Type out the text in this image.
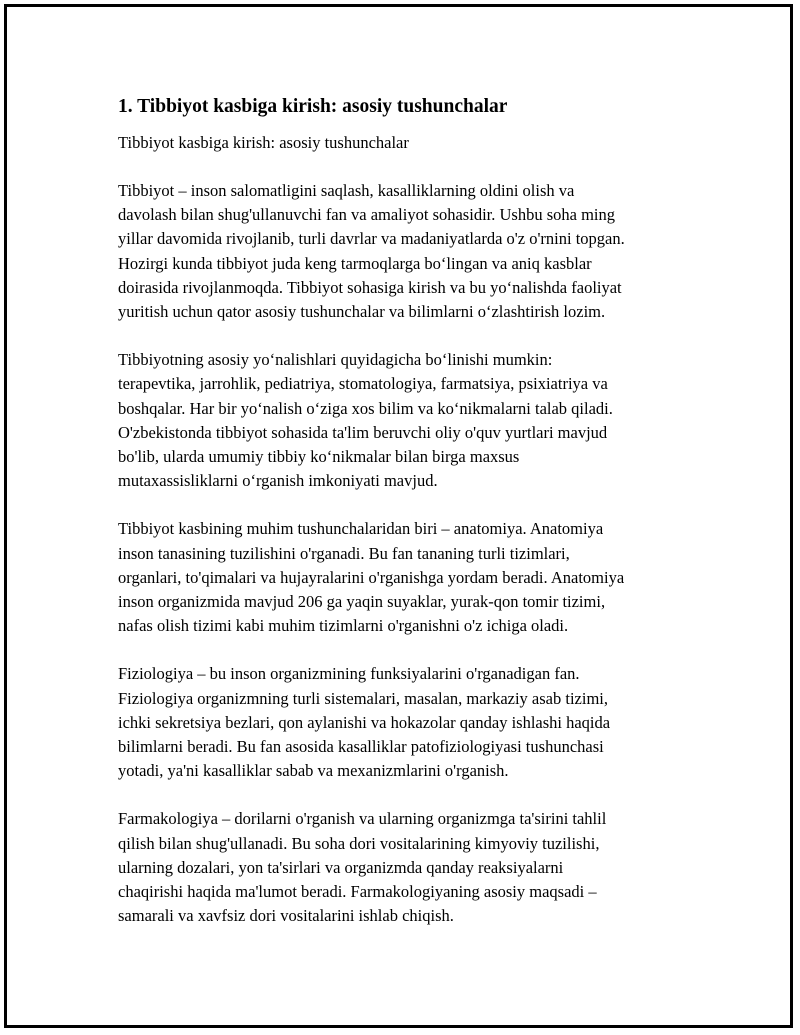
1. Tibbiyot kasbiga kirish: asosiy tushunchalar

Tibbiyot kasbiga kirish: asosiy tushunchalar

Tibbiyot – inson salomatligini saqlash, kasalliklarning oldini olish va
davolash bilan shug'ullanuvchi fan va amaliyot sohasidir. Ushbu soha ming
yillar davomida rivojlanib, turli davrlar va madaniyatlarda o'z o'rnini topgan.
Hozirgi kunda tibbiyot juda keng tarmoqlarga bo‘lingan va aniq kasblar
doirasida rivojlanmoqda. Tibbiyot sohasiga kirish va bu yo‘nalishda faoliyat
yuritish uchun qator asosiy tushunchalar va bilimlarni o‘zlashtirish lozim.

Tibbiyotning asosiy yo‘nalishlari quyidagicha bo‘linishi mumkin:
terapevtika, jarrohlik, pediatriya, stomatologiya, farmatsiya, psixiatriya va
boshqalar. Har bir yo‘nalish o‘ziga xos bilim va ko‘nikmalarni talab qiladi.
O'zbekistonda tibbiyot sohasida ta'lim beruvchi oliy o'quv yurtlari mavjud
bo'lib, ularda umumiy tibbiy ko‘nikmalar bilan birga maxsus
mutaxassisliklarni o‘rganish imkoniyati mavjud.

Tibbiyot kasbining muhim tushunchalaridan biri – anatomiya. Anatomiya
inson tanasining tuzilishini o'rganadi. Bu fan tananing turli tizimlari,
organlari, to'qimalari va hujayralarini o'rganishga yordam beradi. Anatomiya
inson organizmida mavjud 206 ga yaqin suyaklar, yurak-qon tomir tizimi,
nafas olish tizimi kabi muhim tizimlarni o'rganishni o'z ichiga oladi.

Fiziologiya – bu inson organizmining funksiyalarini o'rganadigan fan.
Fiziologiya organizmning turli sistemalari, masalan, markaziy asab tizimi,
ichki sekretsiya bezlari, qon aylanishi va hokazolar qanday ishlashi haqida
bilimlarni beradi. Bu fan asosida kasalliklar patofiziologiyasi tushunchasi
yotadi, ya'ni kasalliklar sabab va mexanizmlarini o'rganish.

Farmakologiya – dorilarni o'rganish va ularning organizmga ta'sirini tahlil
qilish bilan shug'ullanadi. Bu soha dori vositalarining kimyoviy tuzilishi,
ularning dozalari, yon ta'sirlari va organizmda qanday reaksiyalarni
chaqirishi haqida ma'lumot beradi. Farmakologiyaning asosiy maqsadi –
samarali va xavfsiz dori vositalarini ishlab chiqish.
